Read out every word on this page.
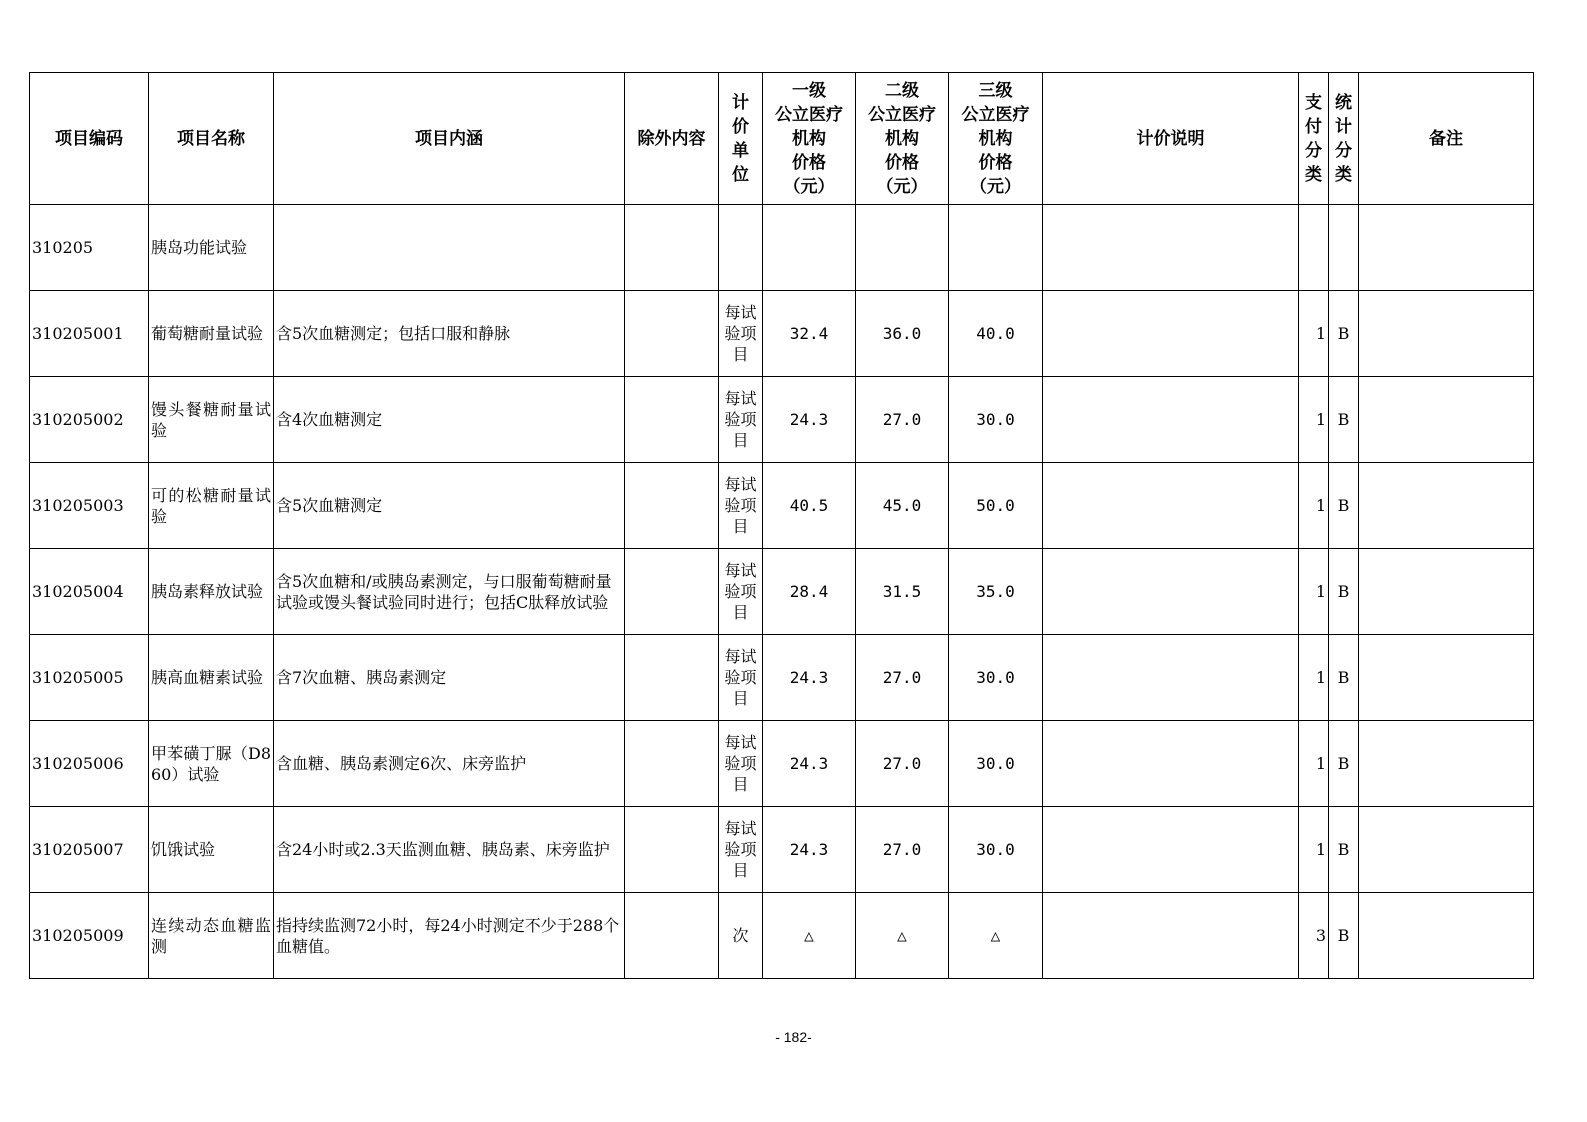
项目编码	项目名称	项目内涵	除外内容	计
价
单
位	一级
公立医疗
机构
价格
（元）	二级
公立医疗
机构
价格
（元）	三级
公立医疗
机构
价格
（元）	计价说明	支
付
分
类	统
计
分
类	备注
310205	胰岛功能试验										
310205001	葡萄糖耐量试验	含5次血糖测定；包括口服和静脉		每试验项目	32.4	36.0	40.0		1	B	
310205002	馒头餐糖耐量试验	含4次血糖测定		每试验项目	24.3	27.0	30.0		1	B	
310205003	可的松糖耐量试验	含5次血糖测定		每试验项目	40.5	45.0	50.0		1	B	
310205004	胰岛素释放试验	含5次血糖和/或胰岛素测定，与口服葡萄糖耐量试验或馒头餐试验同时进行；包括C肽释放试验		每试验项目	28.4	31.5	35.0		1	B	
310205005	胰高血糖素试验	含7次血糖、胰岛素测定		每试验项目	24.3	27.0	30.0		1	B	
310205006	甲苯磺丁脲（D860）试验	含血糖、胰岛素测定6次、床旁监护		每试验项目	24.3	27.0	30.0		1	B	
310205007	饥饿试验	含24小时或2.3天监测血糖、胰岛素、床旁监护		每试验项目	24.3	27.0	30.0		1	B	
310205009	连续动态血糖监测	指持续监测72小时，每24小时测定不少于288个血糖值。		次	△	△	△		3	B	
- 182-
